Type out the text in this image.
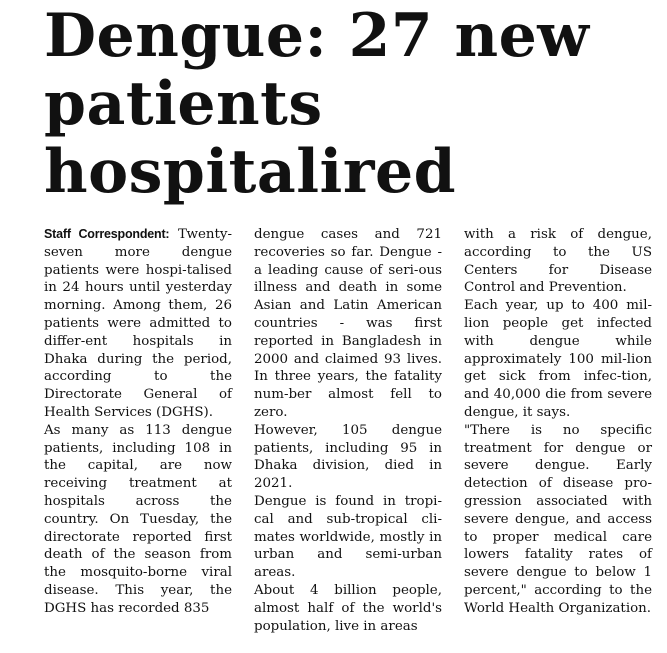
Dengue: 27 new
patients
hospitalired

Staff Correspondent: Twenty-seven more dengue patients were hospi-talised in 24 hours until yesterday morning. Among them, 26 patients were admitted to differ-ent hospitals in Dhaka during the period, according to the Directorate General of Health Services (DGHS).

As many as 113 dengue patients, including 108 in the capital, are now receiving treatment at hospitals across the country. On Tuesday, the directorate reported first death of the season from the mosquito-borne viral disease. This year, the DGHS has recorded 835

dengue cases and 721 recoveries so far. Dengue - a leading cause of seri-ous illness and death in some Asian and Latin American countries - was first reported in Bangladesh in 2000 and claimed 93 lives. In three years, the fatality num-ber almost fell to zero.

However, 105 dengue patients, including 95 in Dhaka division, died in 2021.

Dengue is found in tropi-cal and sub-tropical cli-mates worldwide, mostly in urban and semi-urban areas.

About 4 billion people, almost half of the world's population, live in areas

with a risk of dengue, according to the US Centers for Disease Control and Prevention.

Each year, up to 400 mil-lion people get infected with dengue while approximately 100 mil-lion get sick from infec-tion, and 40,000 die from severe dengue, it says.

"There is no specific treatment for dengue or severe dengue. Early detection of disease pro-gression associated with severe dengue, and access to proper medical care lowers fatality rates of severe dengue to below 1 percent," according to the World Health Organization.
